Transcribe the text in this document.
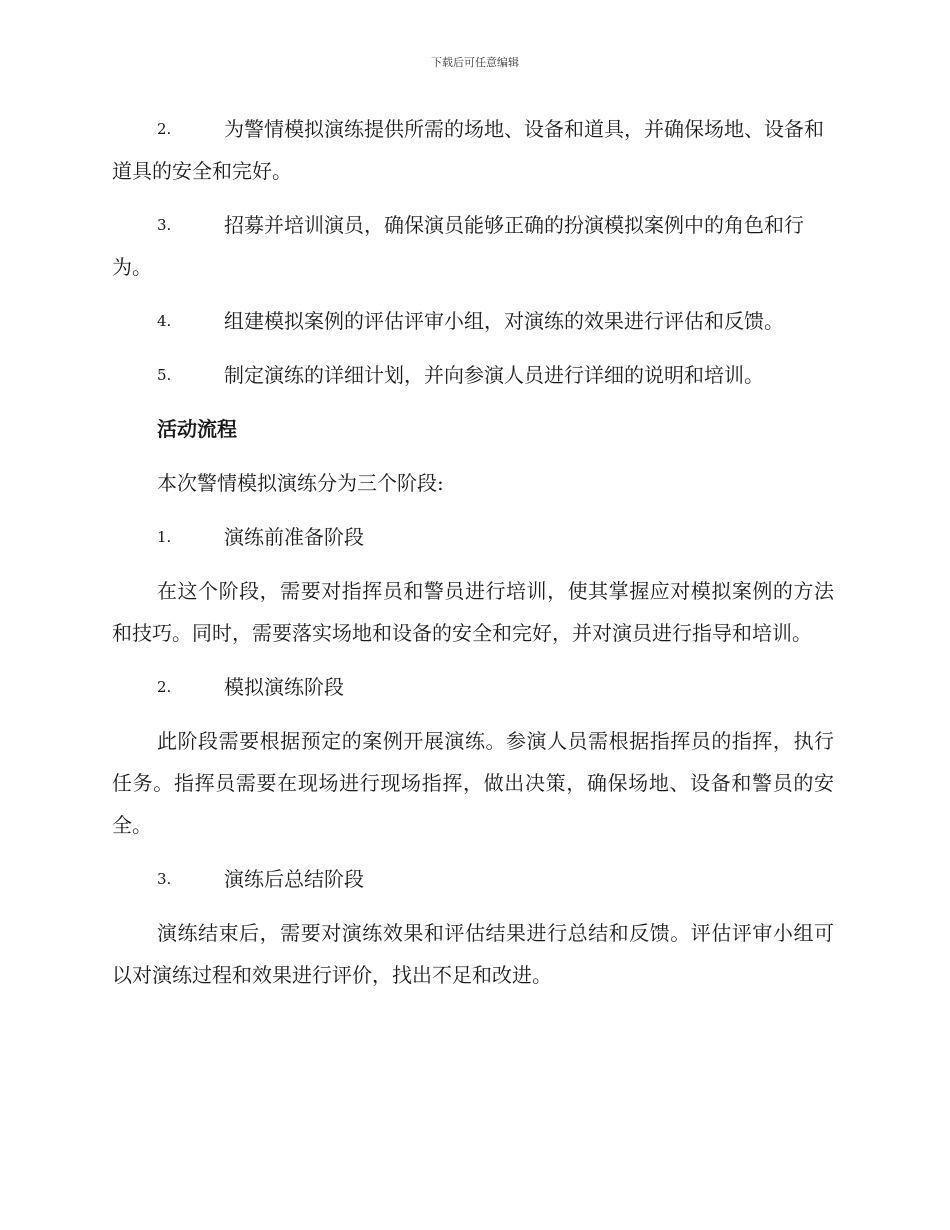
下载后可任意编辑
2.	为警情模拟演练提供所需的场地、设备和道具，并确保场地、设备和道具的安全和完好。
3.	招募并培训演员，确保演员能够正确的扮演模拟案例中的角色和行为。
4.	组建模拟案例的评估评审小组，对演练的效果进行评估和反馈。
5.	制定演练的详细计划，并向参演人员进行详细的说明和培训。
活动流程

本次警情模拟演练分为三个阶段:

1.	演练前准备阶段

在这个阶段，需要对指挥员和警员进行培训，使其掌握应对模拟案例的方法和技巧。同时，需要落实场地和设备的安全和完好，并对演员进行指导和培训。

2.	模拟演练阶段

此阶段需要根据预定的案例开展演练。参演人员需根据指挥员的指挥，执行任务。指挥员需要在现场进行现场指挥，做出决策，确保场地、设备和警员的安全。

3.	演练后总结阶段

演练结束后，需要对演练效果和评估结果进行总结和反馈。评估评审小组可以对演练过程和效果进行评价，找出不足和改进。
